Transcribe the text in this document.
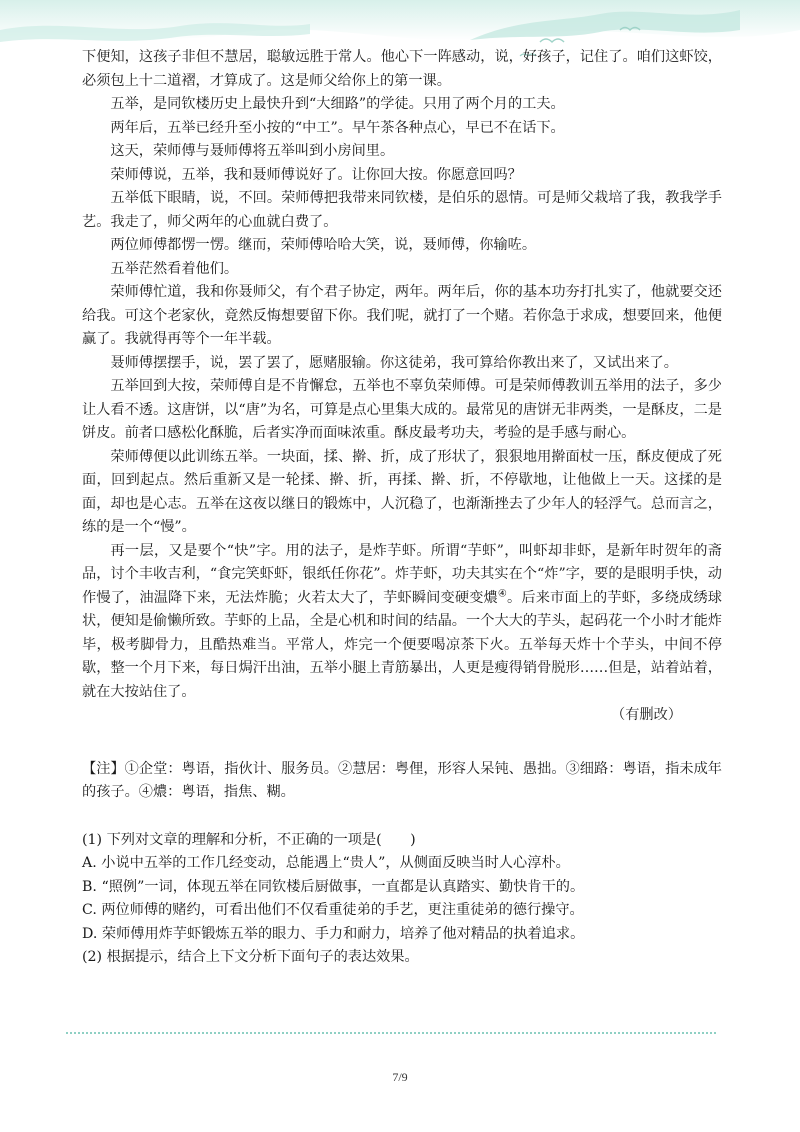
下便知，这孩子非但不慧居，聪敏远胜于常人。他心下一阵感动，说，好孩子，记住了。咱们这虾饺，必须包上十二道褶，才算成了。这是师父给你上的第一课。

五举，是同钦楼历史上最快升到“大细路”的学徒。只用了两个月的工夫。

两年后，五举已经升至小按的“中工”。早午茶各种点心，早已不在话下。

这天，荣师傅与聂师傅将五举叫到小房间里。

荣师傅说，五举，我和聂师傅说好了。让你回大按。你愿意回吗？

五举低下眼睛，说，不回。荣师傅把我带来同钦楼，是伯乐的恩情。可是师父栽培了我，教我学手艺。我走了，师父两年的心血就白费了。

两位师傅都愣一愣。继而，荣师傅哈哈大笑，说，聂师傅，你输咗。

五举茫然看着他们。

荣师傅忙道，我和你聂师父，有个君子协定，两年。两年后，你的基本功夯打扎实了，他就要交还给我。可这个老家伙，竟然反悔想要留下你。我们呢，就打了一个赌。若你急于求成，想要回来，他便赢了。我就得再等个一年半载。

聂师傅摆摆手，说，罢了罢了，愿赌服输。你这徒弟，我可算给你教出来了，又试出来了。

五举回到大按，荣师傅自是不肯懈怠，五举也不辜负荣师傅。可是荣师傅教训五举用的法子，多少让人看不透。这唐饼，以“唐”为名，可算是点心里集大成的。最常见的唐饼无非两类，一是酥皮，二是饼皮。前者口感松化酥脆，后者实净而面味浓重。酥皮最考功夫，考验的是手感与耐心。

荣师傅便以此训练五举。一块面，揉、擀、折，成了形状了，狠狠地用擀面杖一压，酥皮便成了死面，回到起点。然后重新又是一轮揉、擀、折，再揉、擀、折，不停歇地，让他做上一天。这揉的是面，却也是心志。五举在这夜以继日的锻炼中，人沉稳了，也渐渐挫去了少年人的轻浮气。总而言之，练的是一个“慢”。

再一层，又是要个“快”字。用的法子，是炸芋虾。所谓“芋虾”，叫虾却非虾，是新年时贺年的斋品，讨个丰收吉利，“食完笑虾虾，银纸任你花”。炸芋虾，功夫其实在个“炸”字，要的是眼明手快，动作慢了，油温降下来，无法炸脆；火若太大了，芋虾瞬间变硬变燶④。后来市面上的芋虾，多绕成绣球状，便知是偷懒所致。芋虾的上品，全是心机和时间的结晶。一个大大的芋头，起码花一个小时才能炸毕，极考脚骨力，且酷热难当。平常人，炸完一个便要喝凉茶下火。五举每天炸十个芋头，中间不停歇，整一个月下来，每日焗汗出油，五举小腿上青筋暴出，人更是瘦得销骨脱形……但是，站着站着，就在大按站住了。

（有删改）

【注】①企堂：粤语，指伙计、服务员。②慧居：粤俚，形容人呆钝、愚拙。③细路：粤语，指未成年的孩子。④燶：粤语，指焦、糊。

(1) 下列对文章的理解和分析，不正确的一项是(　　)

A. 小说中五举的工作几经变动，总能遇上“贵人”，从侧面反映当时人心淳朴。

B. “照例”一词，体现五举在同钦楼后厨做事，一直都是认真踏实、勤快肯干的。

C. 两位师傅的赌约，可看出他们不仅看重徒弟的手艺，更注重徒弟的德行操守。

D. 荣师傅用炸芋虾锻炼五举的眼力、手力和耐力，培养了他对精品的执着追求。

(2) 根据提示，结合上下文分析下面句子的表达效果。

7/9
